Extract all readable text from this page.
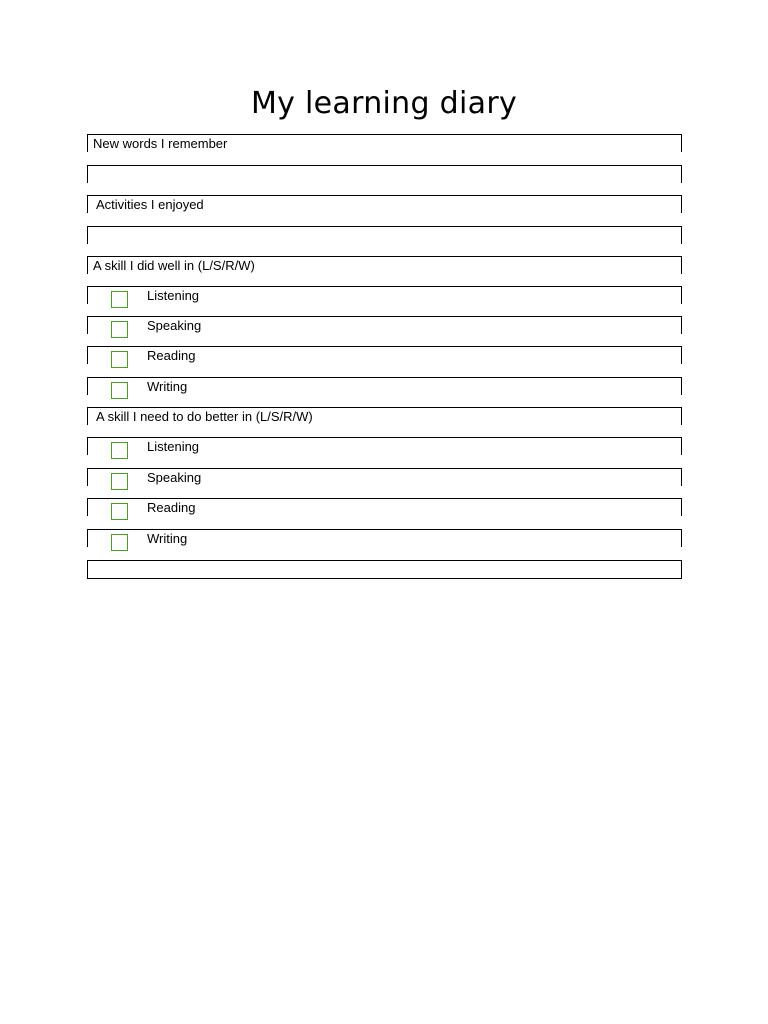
My learning diary
New words I remember
Activities I enjoyed
A skill I did well in (L/S/R/W)
Listening
Speaking
Reading
Writing
A skill I need to do better in (L/S/R/W)
Listening
Speaking
Reading
Writing
